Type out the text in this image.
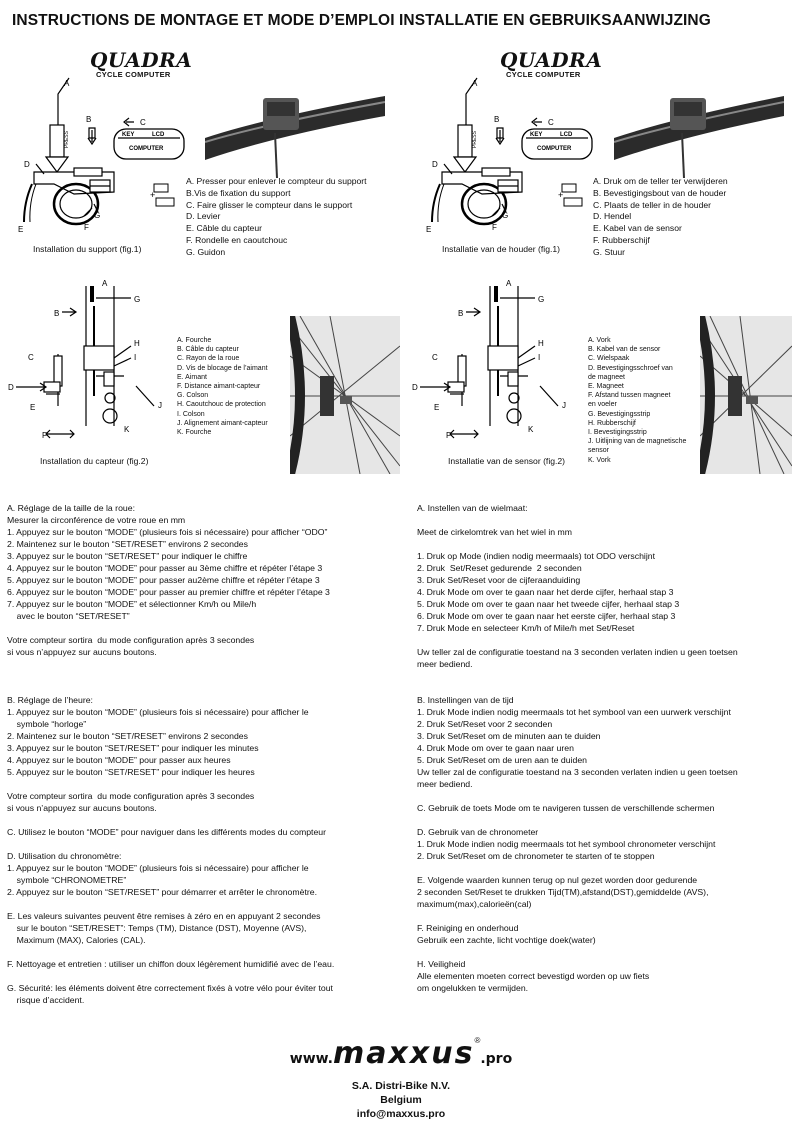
INSTRUCTIONS DE MONTAGE ET MODE D’EMPLOI INSTALLATIE EN GEBRUIKSAANWIJZING
QUADRA
CYCLE COMPUTER
QUADRA
CYCLE COMPUTER
A
B	C
D
E	F
G
KEY	LCD
COMPUTER
PRESS
+
A. Presser pour enlever le compteur du support
B.Vis de fixation du support
C. Faire glisser le compteur dans le support
D. Levier
E. Câble du capteur
F. Rondelle en caoutchouc
G. Guidon
Installation du support (fig.1)
A
B	C
D
E	F
G
KEY	LCD
COMPUTER
PRESS
+
A. Druk om de teller ter verwijderen
B. Bevestigingsbout van de houder
C. Plaats de teller in de houder
D. Hendel
E. Kabel van de sensor
F. Rubberschijf
G. Stuur
Installatie van de houder (fig.1)
A
G
B
H
C	I
D
E	J
K
F
A. Fourche
B. Câble du capteur
C. Rayon de la roue
D. Vis de blocage de l’aimant
E. Aimant
F. Distance aimant-capteur
G. Colson
H. Caoutchouc de protection
I. Colson
J. Alignement aimant-capteur
K. Fourche
Installation du capteur (fig.2)
A
G
B
H
C	I
D
E	J
K
F
A. Vork
B. Kabel van de sensor
C. Wielspaak
D. Bevestigingsschroef van
de magneet
E. Magneet
F. Afstand tussen magneet
en voeler
G. Bevestigingsstrip
H. Rubberschijf
I. Bevestigingsstrip
J. Uitlijning van de magnetische
sensor
K. Vork
Installatie van de sensor (fig.2)
A. Réglage de la taille de la roue:
Mesurer la circonférence de votre roue en mm
1. Appuyez sur le bouton “MODE” (plusieurs fois si nécessaire) pour afficher “ODO”
2. Maintenez sur le bouton “SET/RESET” environs 2 secondes
3. Appuyez sur le bouton “SET/RESET” pour indiquer le chiffre
4. Appuyez sur le bouton “MODE” pour passer au 3ème chiffre et répéter l’étape 3
5. Appuyez sur le bouton “MODE” pour passer au2ème chiffre et répéter l’étape 3
6. Appuyez sur le bouton “MODE” pour passer au premier chiffre et répéter l’étape 3
7. Appuyez sur le bouton “MODE” et sélectionner Km/h ou Mile/h
avec le bouton “SET/RESET”

Votre compteur sortira  du mode configuration après 3 secondes
si vous n’appuyez sur aucuns boutons.

B. Réglage de l’heure:
1. Appuyez sur le bouton “MODE” (plusieurs fois si nécessaire) pour afficher le
symbole “horloge”
2. Maintenez sur le bouton “SET/RESET” environs 2 secondes
3. Appuyez sur le bouton “SET/RESET” pour indiquer les minutes
4. Appuyez sur le bouton “MODE” pour passer aux heures
5. Appuyez sur le bouton “SET/RESET” pour indiquer les heures

Votre compteur sortira  du mode configuration après 3 secondes
si vous n’appuyez sur aucuns boutons.

C. Utilisez le bouton “MODE” pour naviguer dans les différents modes du compteur

D. Utilisation du chronomètre:
1. Appuyez sur le bouton “MODE” (plusieurs fois si nécessaire) pour afficher le
symbole “CHRONOMETRE”
2. Appuyez sur le bouton “SET/RESET” pour démarrer et arrêter le chronomètre.

E. Les valeurs suivantes peuvent être remises à zéro en en appuyant 2 secondes
sur le bouton “SET/RESET”: Temps (TM), Distance (DST), Moyenne (AVS),
Maximum (MAX), Calories (CAL).

F. Nettoyage et entretien : utiliser un chiffon doux légèrement humidifié avec de l’eau.

G. Sécurité: les éléments doivent être correctement fixés à votre vélo pour éviter tout
risque d’accident.
A. Instellen van de wielmaat:

Meet de cirkelomtrek van het wiel in mm

1. Druk op Mode (indien nodig meermaals) tot ODO verschijnt
2. Druk  Set/Reset gedurende  2 seconden
3. Druk Set/Reset voor de cijferaanduiding
4. Druk Mode om over te gaan naar het derde cijfer, herhaal stap 3
5. Druk Mode om over te gaan naar het tweede cijfer, herhaal stap 3
6. Druk Mode om over te gaan naar het eerste cijfer, herhaal stap 3
7. Druk Mode en selecteer Km/h of Mile/h met Set/Reset

Uw teller zal de configuratie toestand na 3 seconden verlaten indien u geen toetsen
meer bediend.

B. Instellingen van de tijd
1. Druk Mode indien nodig meermaals tot het symbool van een uurwerk verschijnt
2. Druk Set/Reset voor 2 seconden
3. Druk Set/Reset om de minuten aan te duiden
4. Druk Mode om over te gaan naar uren
5. Druk Set/Reset om de uren aan te duiden
Uw teller zal de configuratie toestand na 3 seconden verlaten indien u geen toetsen
meer bediend.

C. Gebruik de toets Mode om te navigeren tussen de verschillende schermen

D. Gebruik van de chronometer
1. Druk Mode indien nodig meermaals tot het symbool chronometer verschijnt
2. Druk Set/Reset om de chronometer te starten of te stoppen

E. Volgende waarden kunnen terug op nul gezet worden door gedurende
2 seconden Set/Reset te drukken Tijd(TM),afstand(DST),gemiddelde (AVS),
maximum(max),calorieën(cal)

F. Reiniging en onderhoud
Gebruik een zachte, licht vochtige doek(water)

H. Veiligheid
Alle elementen moeten correct bevestigd worden op uw fiets
om ongelukken te vermijden.
www.maxxus®.pro
S.A. Distri-Bike N.V.
Belgium
info@maxxus.pro
